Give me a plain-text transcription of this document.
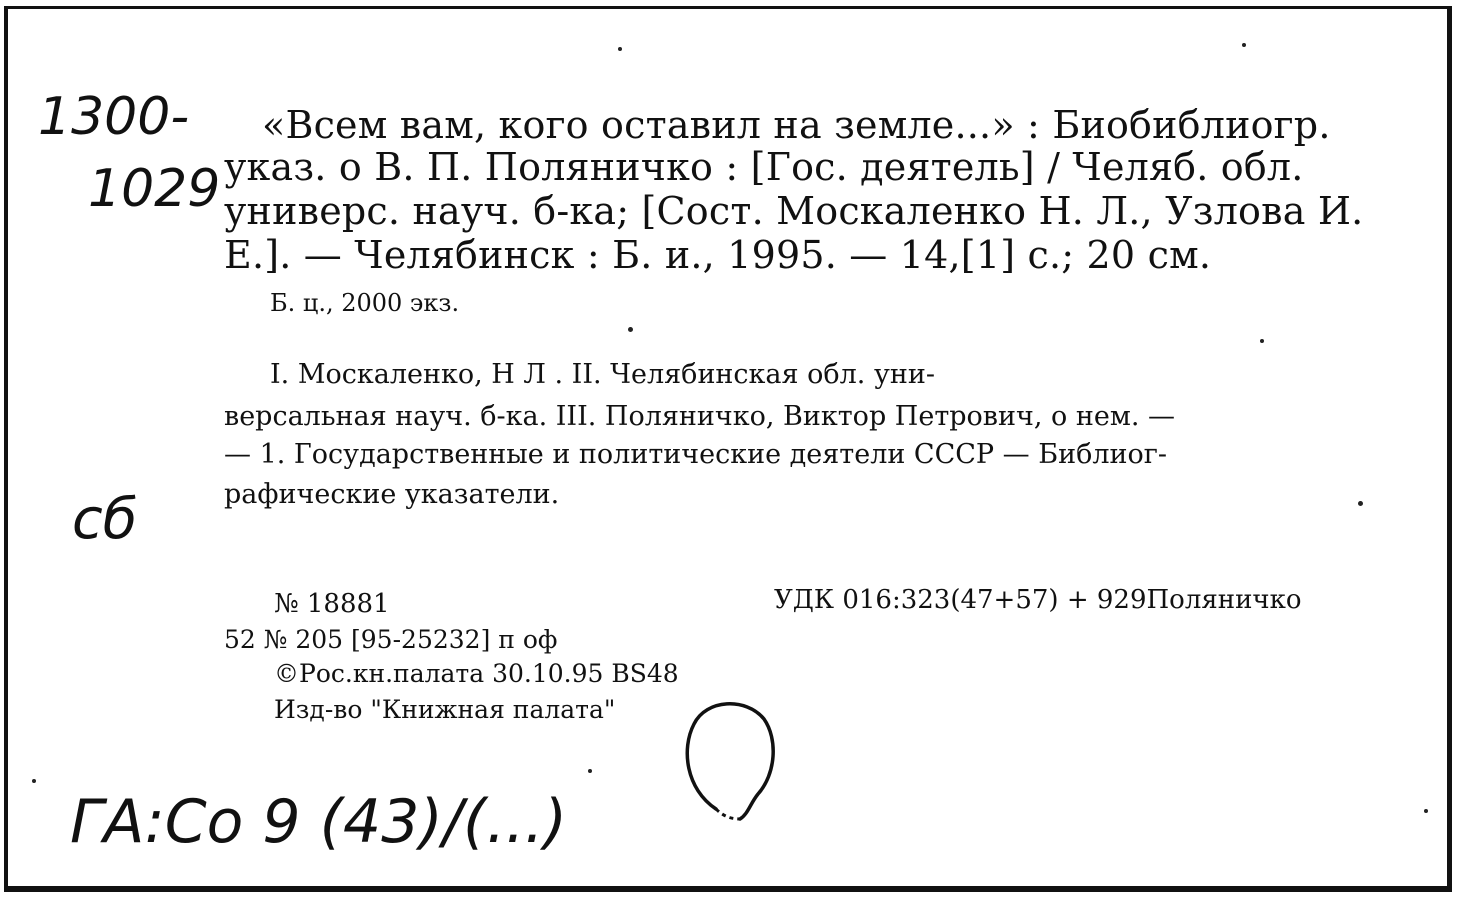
1300-
1029
«Всем вам, кого оставил на земле...» : Биобиблиогр.
указ. о В. П. Поляничко : [Гос. деятель] / Челяб. обл.
универс. науч. б-ка; [Сост. Москаленко Н. Л., Узлова И.
Е.]. — Челябинск : Б. и., 1995. — 14,[1] с.; 20 см.
Б. ц., 2000 экз.
I. Москаленко, Н Л . II. Челябинская обл. уни-
версальная науч. б-ка. III. Поляничко, Виктор Петрович, о нем. —
— 1. Государственные и политические деятели СССР — Библиог-
рафические указатели.
сб
№ 18881	УДК 016:323(47+57) + 929Поляничко
52 № 205 [95-25232] п оф
©Рос.кн.палата 30.10.95 BS48
Изд-во "Книжная палата"
ГА:Со 9 (43)/(...)
